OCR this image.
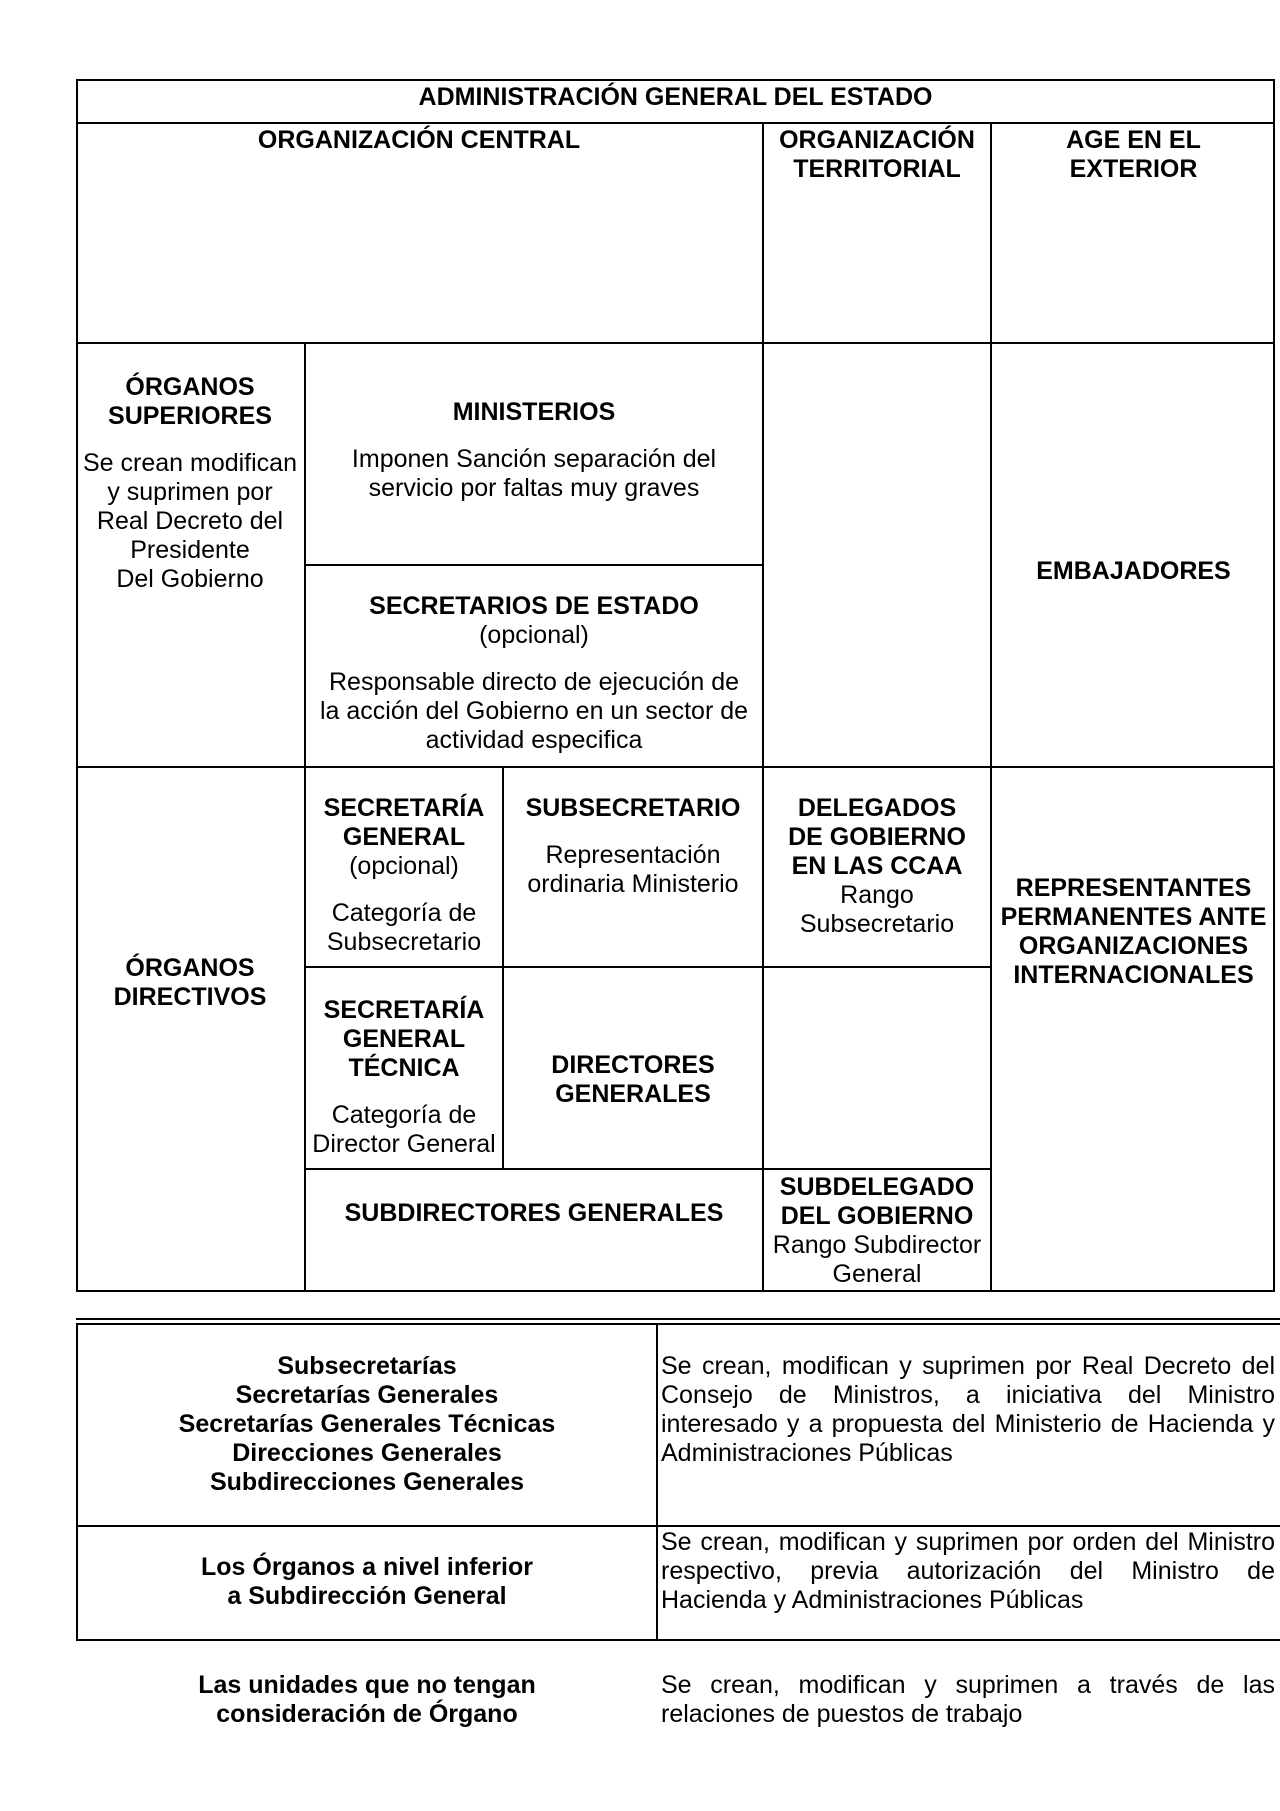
ADMINISTRACIÓN GENERAL DEL ESTADO
ORGANIZACIÓN CENTRAL	ORGANIZACIÓN
TERRITORIAL
AGE EN EL
EXTERIOR
ÓRGANOS
SUPERIORES
Se crean modifican
y suprimen por
Real Decreto del
Presidente
Del Gobierno
MINISTERIOS
Imponen Sanción separación del
servicio por faltas muy graves
SECRETARIOS DE ESTADO
(opcional)
Responsable directo de ejecución de
la acción del Gobierno en un sector de
actividad especifica
EMBAJADORES
ÓRGANOS
DIRECTIVOS
SECRETARÍA
GENERAL
(opcional)
Categoría de
Subsecretario
SUBSECRETARIO
Representación
ordinaria Ministerio
DELEGADOS
DE GOBIERNO
EN LAS CCAA
Rango
Subsecretario
REPRESENTANTES
PERMANENTES ANTE
ORGANIZACIONES
INTERNACIONALES
SECRETARÍA
GENERAL
TÉCNICA
Categoría de
Director General
DIRECTORES
GENERALES
SUBDIRECTORES GENERALES
SUBDELEGADO
DEL GOBIERNO
Rango Subdirector
General
Subsecretarías
Secretarías Generales
Secretarías Generales Técnicas
Direcciones Generales
Subdirecciones Generales
Se crean, modifican y suprimen por Real Decreto del Consejo de Ministros, a iniciativa del Ministro interesado y a propuesta del Ministerio de Hacienda y Administraciones Públicas
Los Órganos a nivel inferior
a Subdirección General
Se crean, modifican y suprimen por orden del Ministro respectivo, previa autorización del Ministro de Hacienda y Administraciones Públicas
Las unidades que no tengan
consideración de Órgano
Se crean, modifican y suprimen a través de las relaciones de puestos de trabajo
